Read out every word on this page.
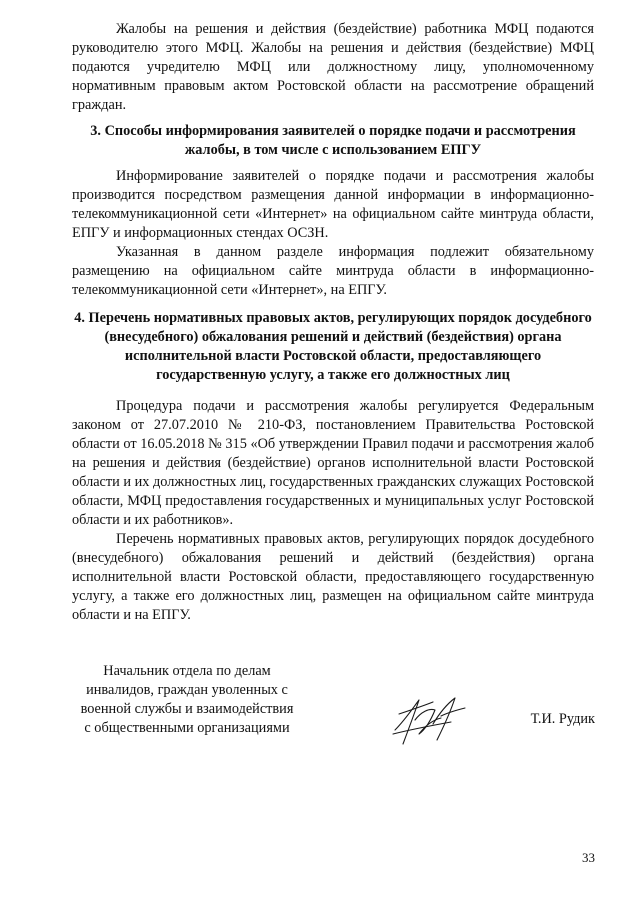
Жалобы на решения и действия (бездействие) работника МФЦ подаются руководителю этого МФЦ. Жалобы на решения и действия (бездействие) МФЦ подаются учредителю МФЦ или должностному лицу, уполномоченному нормативным правовым актом Ростовской области на рассмотрение обращений граждан.

3. Способы информирования заявителей о порядке подачи и рассмотрения жалобы, в том числе с использованием ЕПГУ

Информирование заявителей о порядке подачи и рассмотрения жалобы производится посредством размещения данной информации в информационно-телекоммуникационной сети «Интернет» на официальном сайте минтруда области, ЕПГУ и информационных стендах ОСЗН.

Указанная в данном разделе информация подлежит обязательному размещению на официальном сайте минтруда области в информационно-телекоммуникационной сети «Интернет», на ЕПГУ.

4. Перечень нормативных правовых актов, регулирующих порядок досудебного (внесудебного) обжалования решений и действий (бездействия) органа исполнительной власти Ростовской области, предоставляющего государственную услугу, а также его должностных лиц

Процедура подачи и рассмотрения жалобы регулируется Федеральным законом от 27.07.2010 № 210-ФЗ, постановлением Правительства Ростовской области от 16.05.2018 № 315 «Об утверждении Правил подачи и рассмотрения жалоб на решения и действия (бездействие) органов исполнительной власти Ростовской области и их должностных лиц, государственных гражданских служащих Ростовской области, МФЦ предоставления государственных и муниципальных услуг Ростовской области и их работников».

Перечень нормативных правовых актов, регулирующих порядок досудебного (внесудебного) обжалования решений и действий (бездействия) органа исполнительной власти Ростовской области, предоставляющего государственную услугу, а также его должностных лиц, размещен на официальном сайте минтруда области и на ЕПГУ.

Начальник отдела по делам
инвалидов, граждан уволенных с
военной службы и взаимодействия
с общественными организациями
Т.И. Рудик
33
